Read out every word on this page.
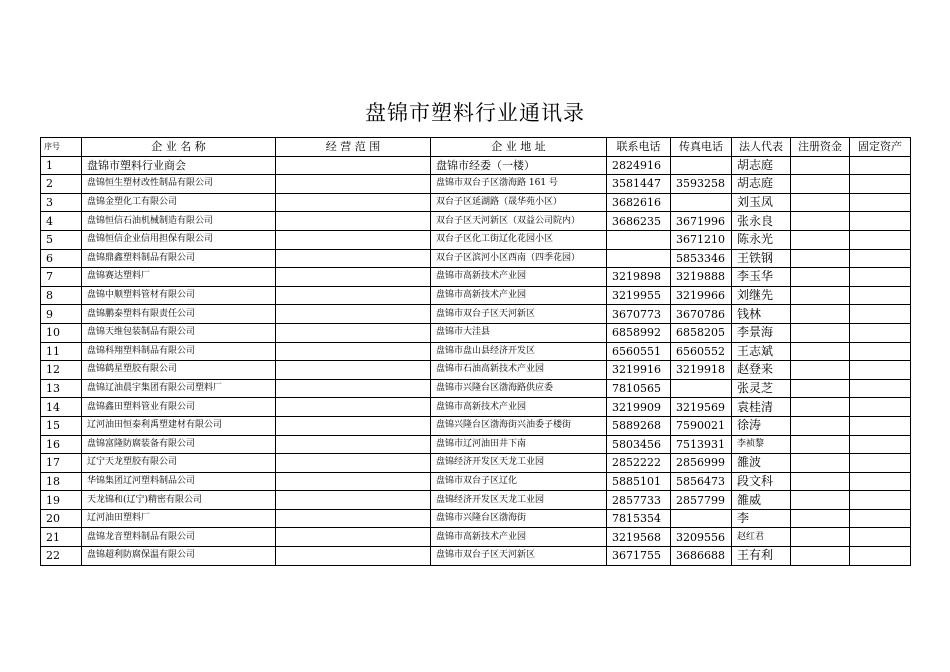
盘锦市塑料行业通讯录
序号	企 业 名 称	经 营 范 围	企 业 地 址	联系电话	传真电话	法人代表	注册资金	固定资产
1	盘锦市塑料行业商会		盘锦市经委（一楼）	2824916		胡志庭		
2	盘锦恒生塑材改性制品有限公司		盘锦市双台子区渤海路 161 号	3581447	3593258	胡志庭		
3	盘锦金塑化工有限公司		双台子区延湖路（晟华苑小区）	3682616		刘玉凤		
4	盘锦恒信石油机械制造有限公司		双台子区天河新区（双益公司院内）	3686235	3671996	张永良		
5	盘锦恒信企业信用担保有限公司		双台子区化工街辽化花园小区		3671210	陈永光		
6	盘锦鼎鑫塑料制品有限公司		双台子区滨河小区西南（四季花园）		5853346	王铁钢		
7	盘锦赛达塑料厂		盘锦市高新技术产业园	3219898	3219888	李玉华		
8	盘锦中顺塑料管材有限公司		盘锦市高新技术产业园	3219955	3219966	刘继先		
9	盘锦鹏泰塑料有限责任公司		盘锦市双台子区天河新区	3670773	3670786	钱林		
10	盘锦天维包装制品有限公司		盘锦市大洼县	6858992	6858205	李景海		
11	盘锦科翔塑料制品有限公司		盘锦市盘山县经济开发区	6560551	6560552	王志斌		
12	盘锦鹤星塑胶有限公司		盘锦市石油高新技术产业园	3219916	3219918	赵登来		
13	盘锦辽油晨宇集团有限公司塑料厂		盘锦市兴隆台区渤海路供应委	7810565		张灵芝		
14	盘锦鑫田塑料管业有限公司		盘锦市高新技术产业园	3219909	3219569	袁桂清		
15	辽河油田恒泰利禹塑建材有限公司		盘锦兴隆台区渤海街兴油委子楼街	5889268	7590021	徐涛		
16	盘锦富隆防腐装备有限公司		盘锦市辽河油田井下南	5803456	7513931	李祯黎		
17	辽宁天龙塑胶有限公司		盘锦经济开发区天龙工业园	2852222	2856999	雒波		
18	华锦集团辽河塑料制品公司		盘锦市双台子区辽化	5885101	5856473	段文科		
19	天龙锦和(辽宁)精密有限公司		盘锦经济开发区天龙工业园	2857733	2857799	雒威		
20	辽河油田塑料厂		盘锦市兴隆台区渤海街	7815354		李		
21	盘锦龙音塑料制品有限公司		盘锦市高新技术产业园	3219568	3209556	赵红君		
22	盘锦超利防腐保温有限公司		盘锦市双台子区天河新区	3671755	3686688	王有利		
